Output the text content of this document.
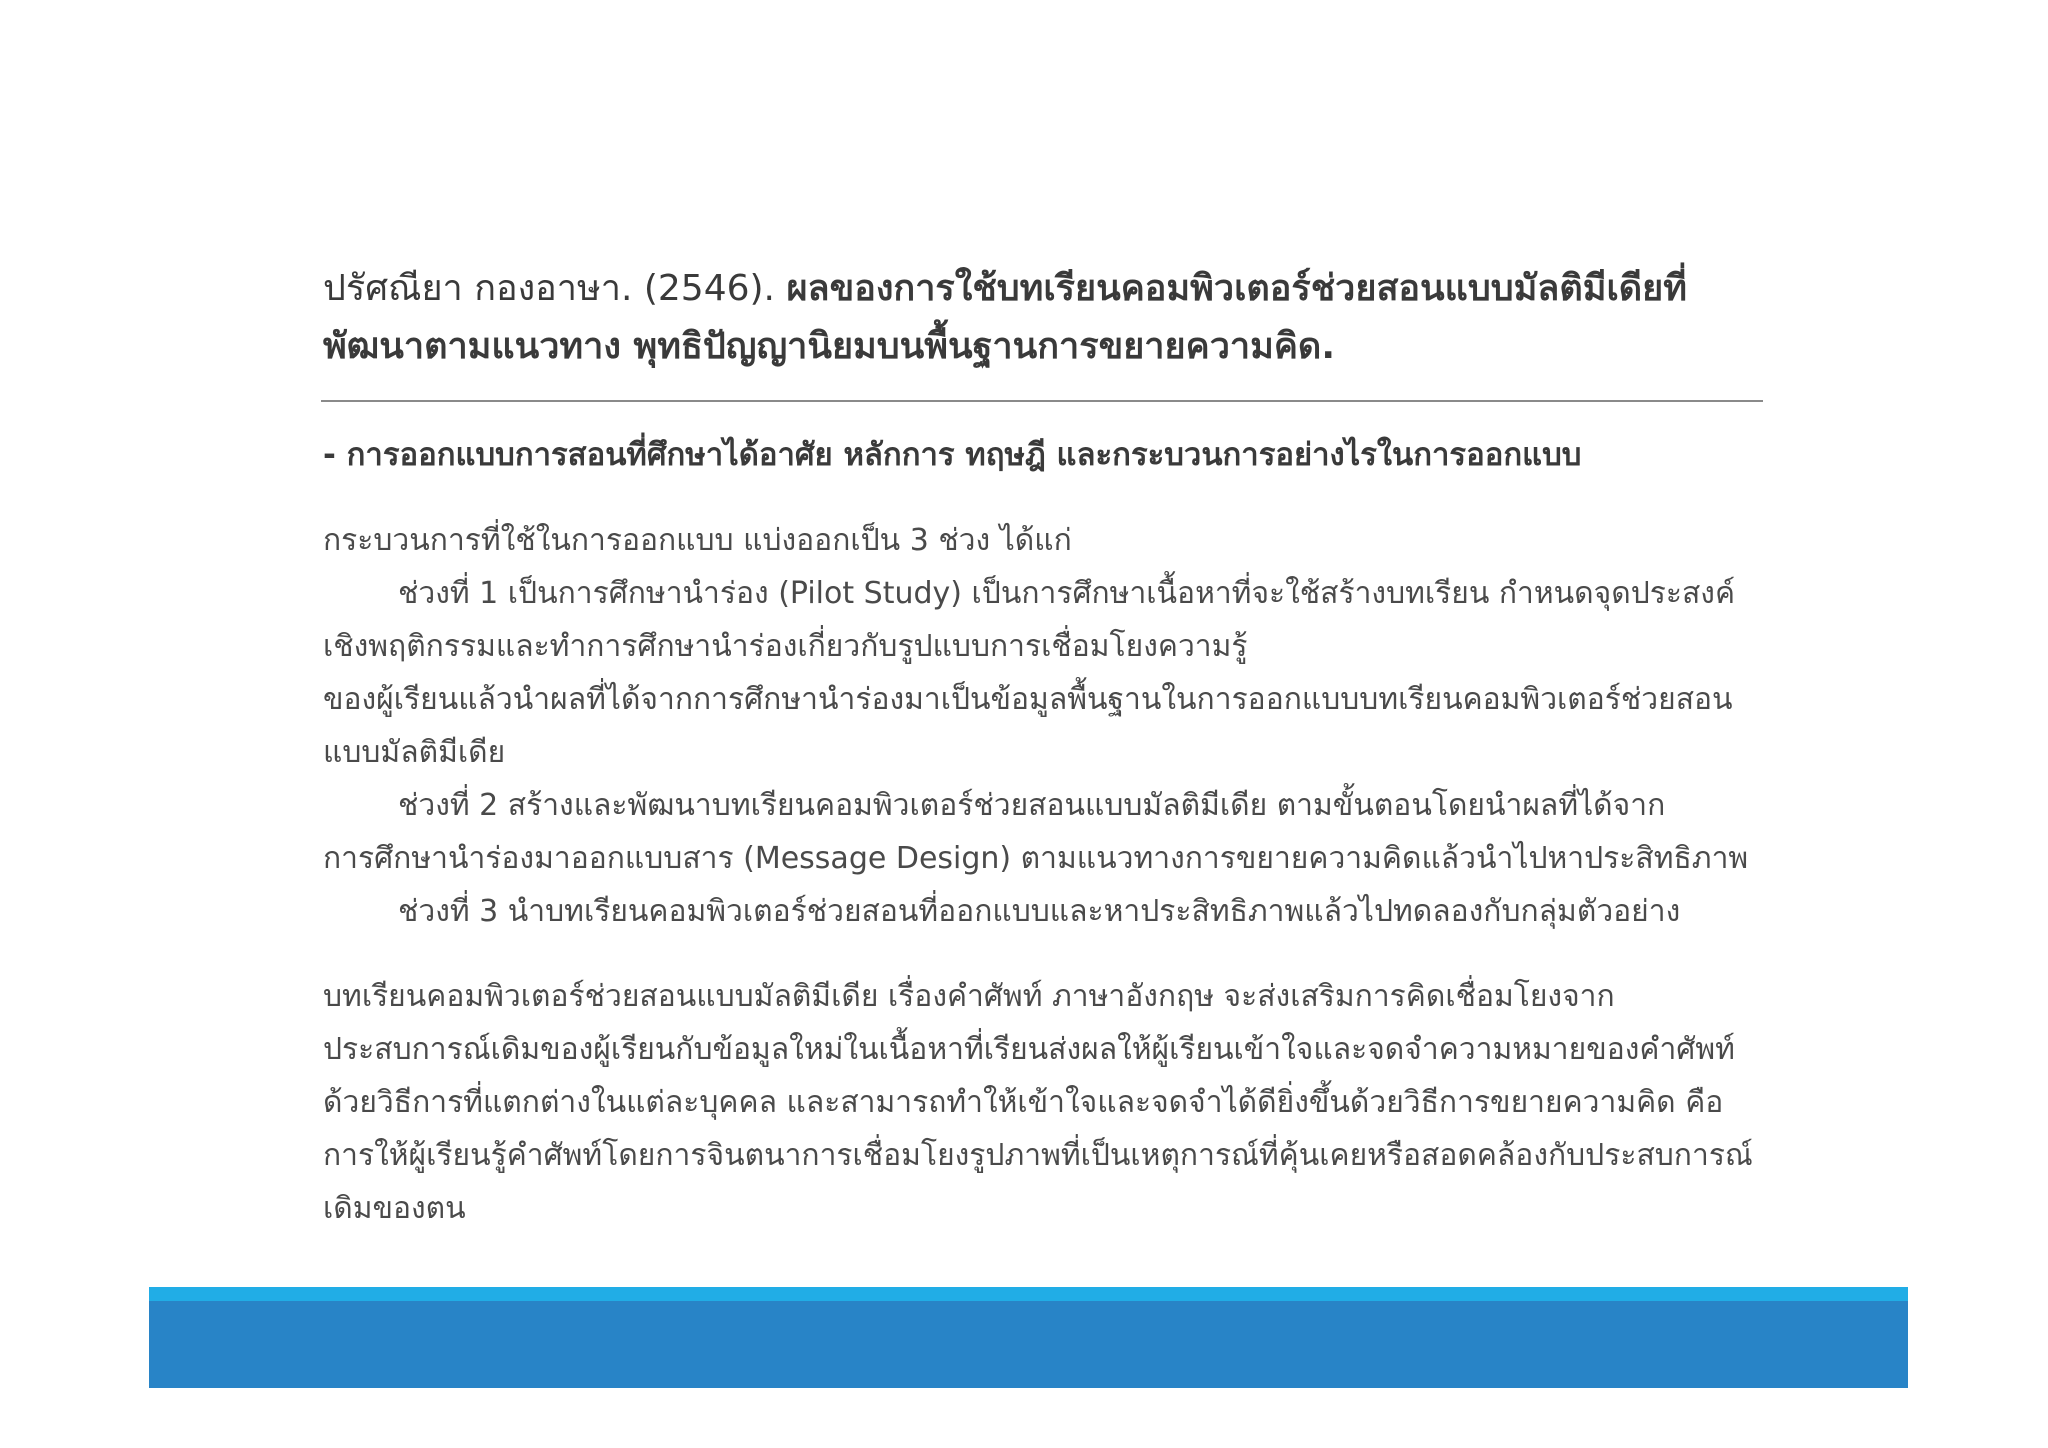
ปรัศณียา กองอาษา. (2546). ผลของการใช้บทเรียนคอมพิวเตอร์ช่วยสอนแบบมัลติมีเดียที่
พัฒนาตามแนวทาง พุทธิปัญญานิยมบนพื้นฐานการขยายความคิด.

- การออกแบบการสอนที่ศึกษาได้อาศัย หลักการ ทฤษฎี และกระบวนการอย่างไรในการออกแบบ

กระบวนการที่ใช้ในการออกแบบ แบ่งออกเป็น 3 ช่วง ได้แก่
ช่วงที่ 1 เป็นการศึกษานำร่อง (Pilot Study) เป็นการศึกษาเนื้อหาที่จะใช้สร้างบทเรียน กำหนดจุดประสงค์
เชิงพฤติกรรมและทำการศึกษานำร่องเกี่ยวกับรูปแบบการเชื่อมโยงความรู้
ของผู้เรียนแล้วนำผลที่ได้จากการศึกษานำร่องมาเป็นข้อมูลพื้นฐานในการออกแบบบทเรียนคอมพิวเตอร์ช่วยสอน
แบบมัลติมีเดีย
ช่วงที่ 2 สร้างและพัฒนาบทเรียนคอมพิวเตอร์ช่วยสอนแบบมัลติมีเดีย ตามขั้นตอนโดยนำผลที่ได้จาก
การศึกษานำร่องมาออกแบบสาร (Message Design) ตามแนวทางการขยายความคิดแล้วนำไปหาประสิทธิภาพ
ช่วงที่ 3 นำบทเรียนคอมพิวเตอร์ช่วยสอนที่ออกแบบและหาประสิทธิภาพแล้วไปทดลองกับกลุ่มตัวอย่าง
บทเรียนคอมพิวเตอร์ช่วยสอนแบบมัลติมีเดีย เรื่องคำศัพท์ ภาษาอังกฤษ จะส่งเสริมการคิดเชื่อมโยงจาก
ประสบการณ์เดิมของผู้เรียนกับข้อมูลใหม่ในเนื้อหาที่เรียนส่งผลให้ผู้เรียนเข้าใจและจดจำความหมายของคำศัพท์
ด้วยวิธีการที่แตกต่างในแต่ละบุคคล และสามารถทำให้เข้าใจและจดจำได้ดียิ่งขึ้นด้วยวิธีการขยายความคิด คือ
การให้ผู้เรียนรู้คำศัพท์โดยการจินตนาการเชื่อมโยงรูปภาพที่เป็นเหตุการณ์ที่คุ้นเคยหรือสอดคล้องกับประสบการณ์
เดิมของตน
